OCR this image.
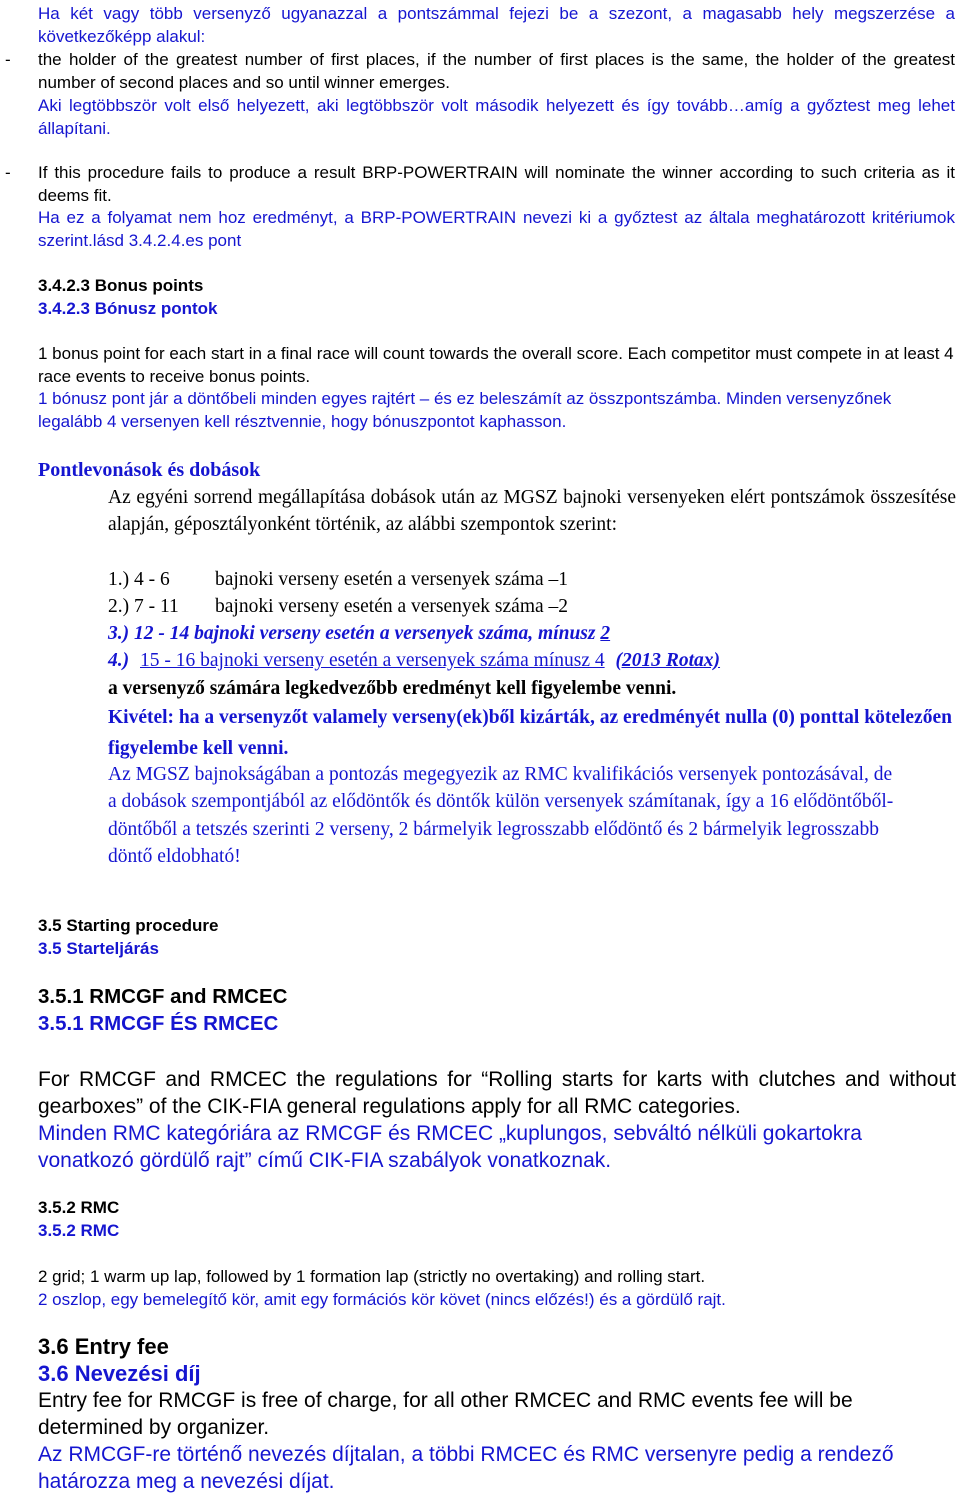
Ha két vagy több versenyző ugyanazzal a pontszámmal fejezi be a szezont, a magasabb hely megszerzése a következőképp alakul:
- the holder of the greatest number of first places, if the number of first places is the same, the holder of the greatest number of second places and so until winner emerges.
Aki legtöbbször volt első helyezett, aki legtöbbször volt második helyezett és így tovább…amíg a győztest meg lehet állapítani.
- If this procedure fails to produce a result BRP-POWERTRAIN will nominate the winner according to such criteria as it deems fit.
Ha ez a folyamat nem hoz eredményt, a BRP-POWERTRAIN nevezi ki a győztest az általa meghatározott kritériumok szerint.lásd 3.4.2.4.es pont
3.4.2.3 Bonus points
3.4.2.3 Bónusz pontok
1 bonus point for each start in a final race will count towards the overall score. Each competitor must compete in at least 4 race events to receive bonus points.
1 bónusz pont jár a döntőbeli minden egyes rajtért – és ez beleszámít az összpontszámba. Minden versenyzőnek legalább 4 versenyen kell résztvennie, hogy bónuszpontot kaphasson.
Pontlevonások és dobások
Az egyéni sorrend megállapítása dobások után az MGSZ bajnoki versenyeken elért pontszámok összesítése alapján, géposztályonként történik, az alábbi szempontok szerint:
1.) 4 - 6	bajnoki verseny esetén a versenyek száma –1
2.) 7 - 11	bajnoki verseny esetén a versenyek száma –2
3.) 12 - 14 bajnoki verseny esetén a versenyek száma, mínusz 2
4.) 15 - 16 bajnoki verseny esetén a versenyek száma mínusz 4 (2013 Rotax)
a versenyző számára legkedvezőbb eredményt kell figyelembe venni.
Kivétel: ha a versenyzőt valamely verseny(ek)ből kizárták, az eredményét nulla (0) ponttal kötelezően figyelembe kell venni.
Az MGSZ bajnokságában a pontozás megegyezik az RMC kvalifikációs versenyek pontozásával, de a dobások szempontjából az elődöntők és döntők külön versenyek számítanak, így a 16 elődöntőből-döntőből a tetszés szerinti 2 verseny, 2 bármelyik legrosszabb elődöntő és 2 bármelyik legrosszabb döntő eldobható!
3.5 Starting procedure
3.5 Starteljárás
3.5.1 RMCGF and RMCEC
3.5.1 RMCGF ÉS RMCEC
For RMCGF and RMCEC the regulations for “Rolling starts for karts with clutches and without gearboxes” of the CIK-FIA general regulations apply for all RMC categories.
Minden RMC kategóriára az RMCGF és RMCEC „kuplungos, sebváltó nélküli gokartokra vonatkozó gördülő rajt” című CIK-FIA szabályok vonatkoznak.
3.5.2 RMC
3.5.2 RMC
2 grid; 1 warm up lap, followed by 1 formation lap (strictly no overtaking) and rolling start.
2 oszlop, egy bemelegítő kör, amit egy formációs kör követ (nincs előzés!) és a gördülő rajt.
3.6 Entry fee
3.6 Nevezési díj
Entry fee for RMCGF is free of charge, for all other RMCEC and RMC events fee will be determined by organizer.
Az RMCGF-re történő nevezés díjtalan, a többi RMCEC és RMC versenyre pedig a rendező határozza meg a nevezési díjat.
